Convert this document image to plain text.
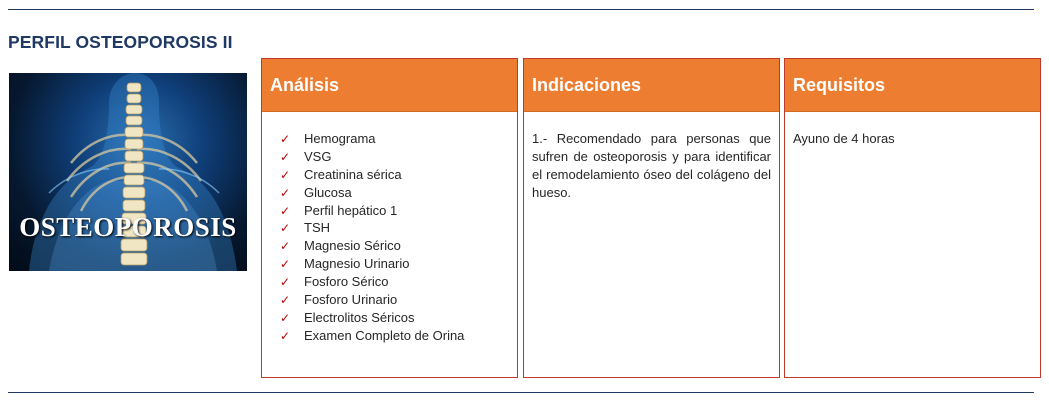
PERFIL OSTEOPOROSIS II
OSTEOPOROSIS
Análisis
✓ Hemograma
✓ VSG
✓ Creatinina sérica
✓ Glucosa
✓ Perfil hepático 1
✓ TSH
✓ Magnesio Sérico
✓ Magnesio Urinario
✓ Fosforo Sérico
✓ Fosforo Urinario
✓ Electrolitos Séricos
✓ Examen Completo de Orina
Indicaciones
1.- Recomendado para personas que sufren de osteoporosis y para identificar el remodelamiento óseo del colágeno del hueso.
Requisitos
Ayuno de 4 horas
